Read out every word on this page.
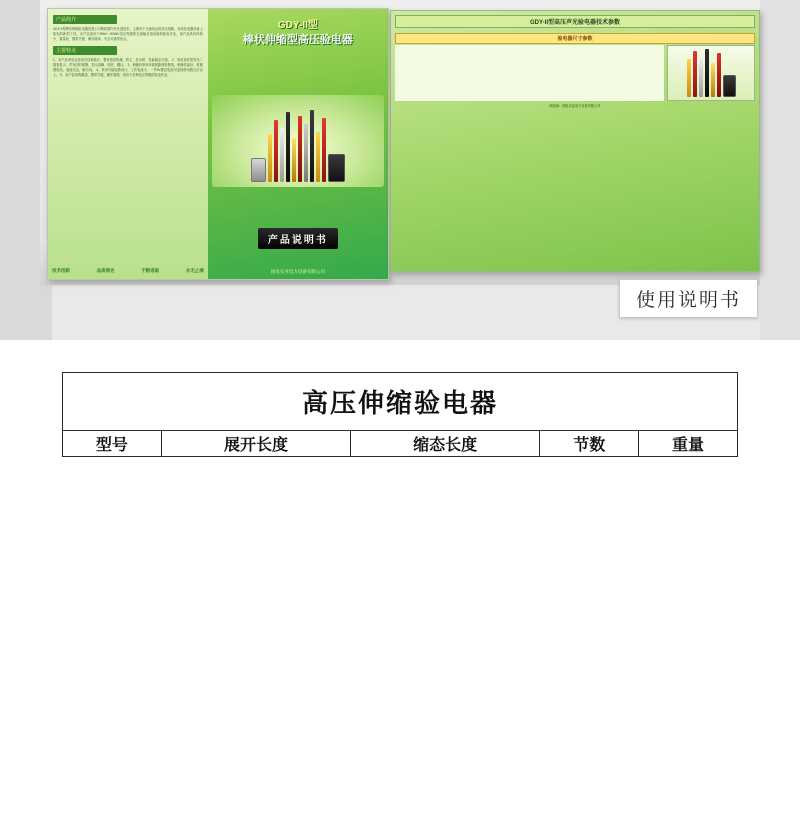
产品简介
GDY-II型棒状伸缩验电器是我公司吸收国内外先进技术，主要用于交流电压的高压线路，母线及电器设备上验电的新型工具，本产品适用于35kV～500kV电压等级的交流输变电设备的验电作业，该产品具有体积小、重量轻、携带方便、操作简单、安全可靠等优点。
主要特点
1、本产品采用全封闭式结构设计，整体密封防潮、防尘、抗污秽，性能稳定可靠。 2、采用高亮度发光二极管显示，声光同时报警，指示清晰、明亮、醒目。 3、伸缩杆采用环氧树脂材料制造，绝缘性能好，机械强度高，表面光洁，耐污闪。 4、采用节能电路设计，工作电流小，一节9V叠层电池可连续使用数百次以上。 5、本产品结构紧凑，携带方便，操作简便，适用于各种电压等级的验电作业。
技术创新	品质领先	不断进取	永无止境
GDY-II型
棒状伸缩型高压验电器
产品说明书
国电实业电力设备有限公司
GDY-II型高压声光验电器技术参数
验电器尺寸参数
制造商：国电实业电力设备有限公司
使用说明书
高压伸缩验电器
型号	展开长度	缩态长度	节数	重量
